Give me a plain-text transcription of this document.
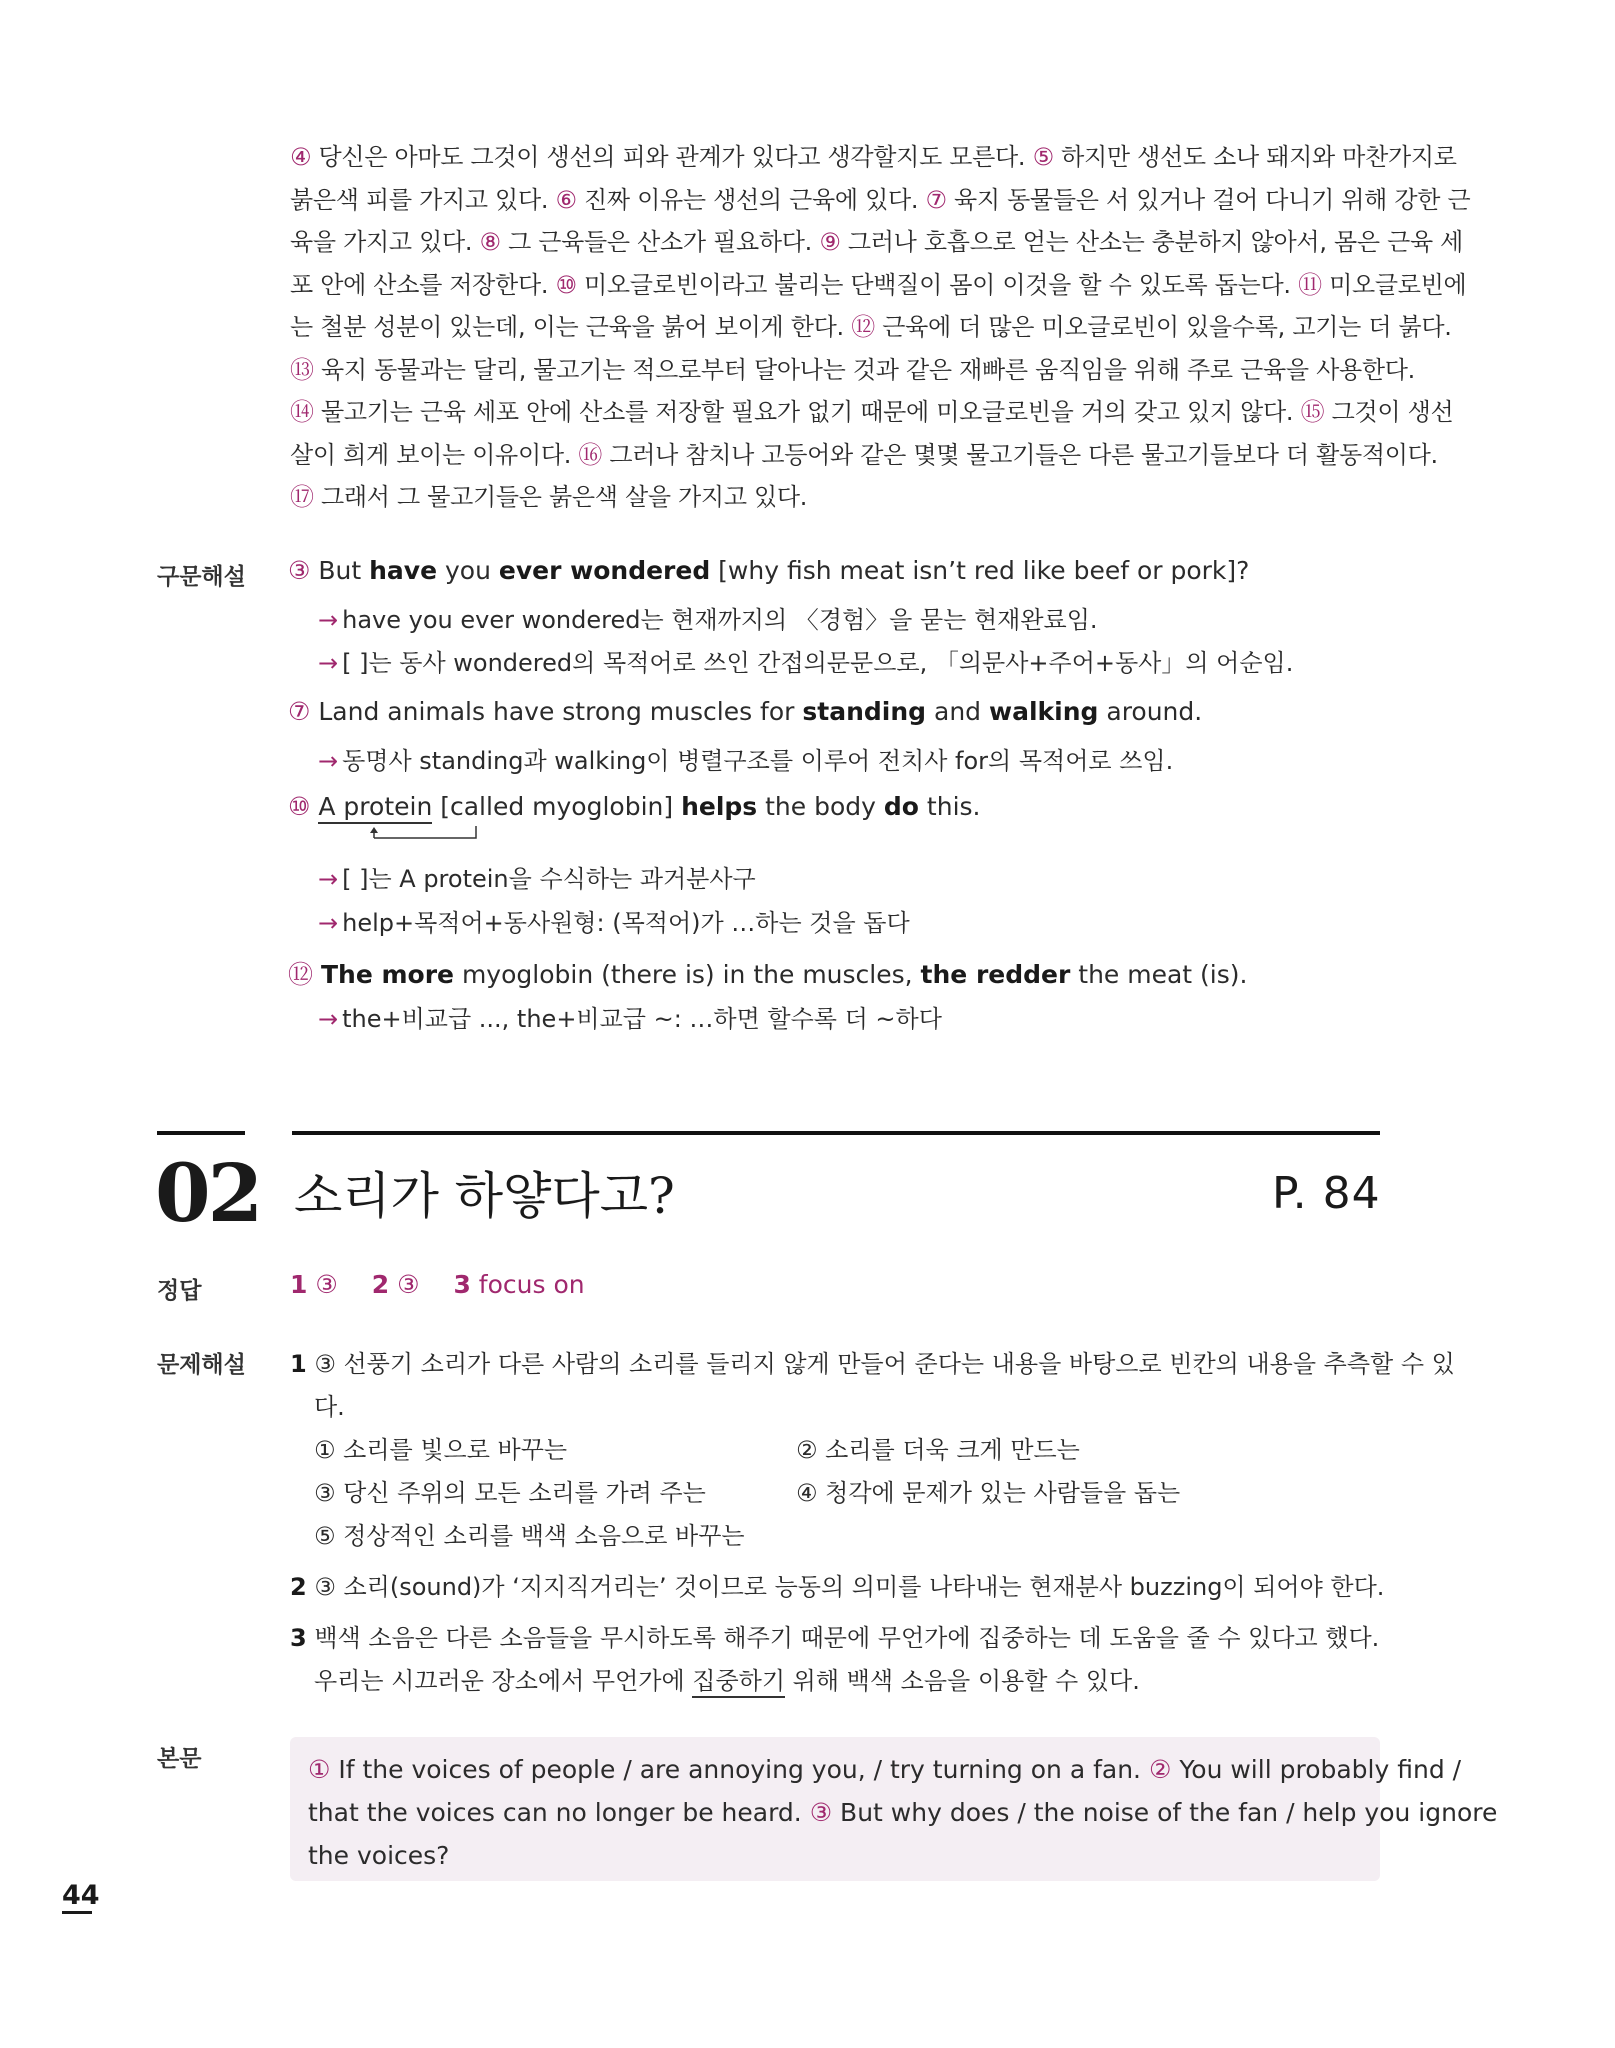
④ 당신은 아마도 그것이 생선의 피와 관계가 있다고 생각할지도 모른다. ⑤ 하지만 생선도 소나 돼지와 마찬가지로
붉은색 피를 가지고 있다. ⑥ 진짜 이유는 생선의 근육에 있다. ⑦ 육지 동물들은 서 있거나 걸어 다니기 위해 강한 근
육을 가지고 있다. ⑧ 그 근육들은 산소가 필요하다. ⑨ 그러나 호흡으로 얻는 산소는 충분하지 않아서, 몸은 근육 세
포 안에 산소를 저장한다. ⑩ 미오글로빈이라고 불리는 단백질이 몸이 이것을 할 수 있도록 돕는다. ⑪ 미오글로빈에
는 철분 성분이 있는데, 이는 근육을 붉어 보이게 한다. ⑫ 근육에 더 많은 미오글로빈이 있을수록, 고기는 더 붉다.
⑬ 육지 동물과는 달리, 물고기는 적으로부터 달아나는 것과 같은 재빠른 움직임을 위해 주로 근육을 사용한다.
⑭ 물고기는 근육 세포 안에 산소를 저장할 필요가 없기 때문에 미오글로빈을 거의 갖고 있지 않다. ⑮ 그것이 생선
살이 희게 보이는 이유이다. ⑯ 그러나 참치나 고등어와 같은 몇몇 물고기들은 다른 물고기들보다 더 활동적이다.
⑰ 그래서 그 물고기들은 붉은색 살을 가지고 있다.
구문해설 ③ But have you ever wondered [why fish meat isn’t red like beef or pork]?
→ have you ever wondered는 현재까지의 〈경험〉을 묻는 현재완료임.
→ [ ]는 동사 wondered의 목적어로 쓰인 간접의문문으로, 「의문사+주어+동사」의 어순임.
⑦ Land animals have strong muscles for standing and walking around.
→ 동명사 standing과 walking이 병렬구조를 이루어 전치사 for의 목적어로 쓰임.
⑩ A protein [called myoglobin] helps the body do this.
→ [ ]는 A protein을 수식하는 과거분사구
→ help+목적어+동사원형: (목적어)가 …하는 것을 돕다
⑫ The more myoglobin (there is) in the muscles, the redder the meat (is).
→ the+비교급 ..., the+비교급 ~: …하면 할수록 더 ~하다
02 소리가 하얗다고?	P. 84
정답	1 ③ 2 ③ 3 focus on
문제해설 1 ③ 선풍기 소리가 다른 사람의 소리를 들리지 않게 만들어 준다는 내용을 바탕으로 빈칸의 내용을 추측할 수 있
다.
① 소리를 빛으로 바꾸는	② 소리를 더욱 크게 만드는
③ 당신 주위의 모든 소리를 가려 주는	④ 청각에 문제가 있는 사람들을 돕는
⑤ 정상적인 소리를 백색 소음으로 바꾸는
2 ③ 소리(sound)가 ‘지지직거리는’ 것이므로 능동의 의미를 나타내는 현재분사 buzzing이 되어야 한다.
3 백색 소음은 다른 소음들을 무시하도록 해주기 때문에 무언가에 집중하는 데 도움을 줄 수 있다고 했다.
우리는 시끄러운 장소에서 무언가에 집중하기 위해 백색 소음을 이용할 수 있다.
본문	① If the voices of people / are annoying you, / try turning on a fan. ② You will probably find /
that the voices can no longer be heard. ③ But why does / the noise of the fan / help you ignore
the voices?
44
